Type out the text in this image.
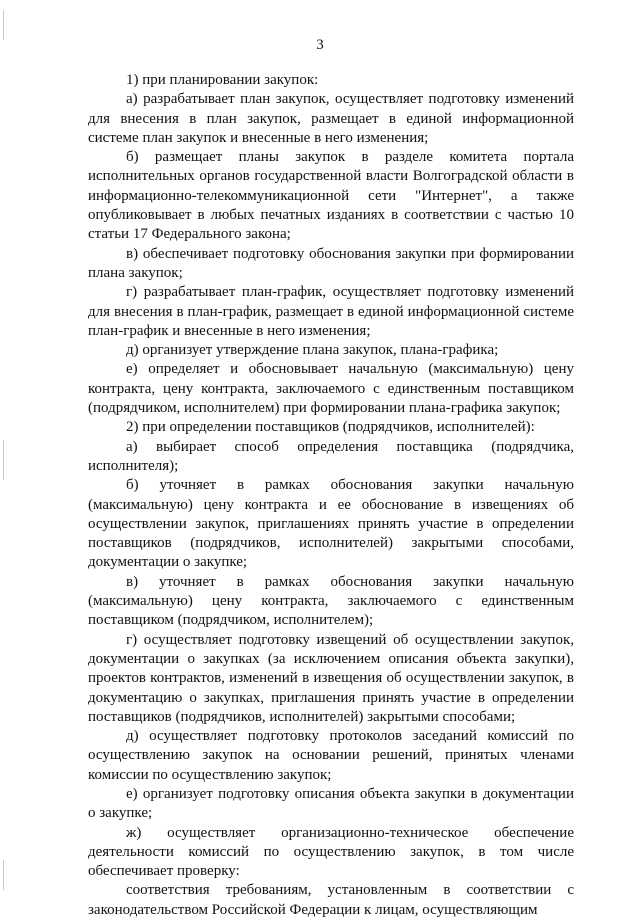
3

1) при планировании закупок:

а) разрабатывает план закупок, осуществляет подготовку изменений для внесения в план закупок, размещает в единой информационной системе план закупок и внесенные в него изменения;

б) размещает планы закупок в разделе комитета портала исполнительных органов государственной власти Волгоградской области в информационно-телекоммуникационной сети "Интернет", а также опубликовывает в любых печатных изданиях в соответствии с частью 10 статьи 17 Федерального закона;

в) обеспечивает подготовку обоснования закупки при формировании плана закупок;

г) разрабатывает план-график, осуществляет подготовку изменений для внесения в план-график, размещает в единой информационной системе план-график и внесенные в него изменения;

д) организует утверждение плана закупок, плана-графика;

е) определяет и обосновывает начальную (максимальную) цену контракта, цену контракта, заключаемого с единственным поставщиком (подрядчиком, исполнителем) при формировании плана-графика закупок;

2) при определении поставщиков (подрядчиков, исполнителей):

а) выбирает способ определения поставщика (подрядчика, исполнителя);

б) уточняет в рамках обоснования закупки начальную (максимальную) цену контракта и ее обоснование в извещениях об осуществлении закупок, приглашениях принять участие в определении поставщиков (подрядчиков, исполнителей) закрытыми способами, документации о закупке;

в) уточняет в рамках обоснования закупки начальную (максимальную) цену контракта, заключаемого с единственным поставщиком (подрядчиком, исполнителем);

г) осуществляет подготовку извещений об осуществлении закупок, документации о закупках (за исключением описания объекта закупки), проектов контрактов, изменений в извещения об осуществлении закупок, в документацию о закупках, приглашения принять участие в определении поставщиков (подрядчиков, исполнителей) закрытыми способами;

д) осуществляет подготовку протоколов заседаний комиссий по осуществлению закупок на основании решений, принятых членами комиссии по осуществлению закупок;

е) организует подготовку описания объекта закупки в документации о закупке;

ж) осуществляет организационно-техническое обеспечение деятельности комиссий по осуществлению закупок, в том числе обеспечивает проверку:

соответствия требованиям, установленным в соответствии с законодательством Российской Федерации к лицам, осуществляющим
